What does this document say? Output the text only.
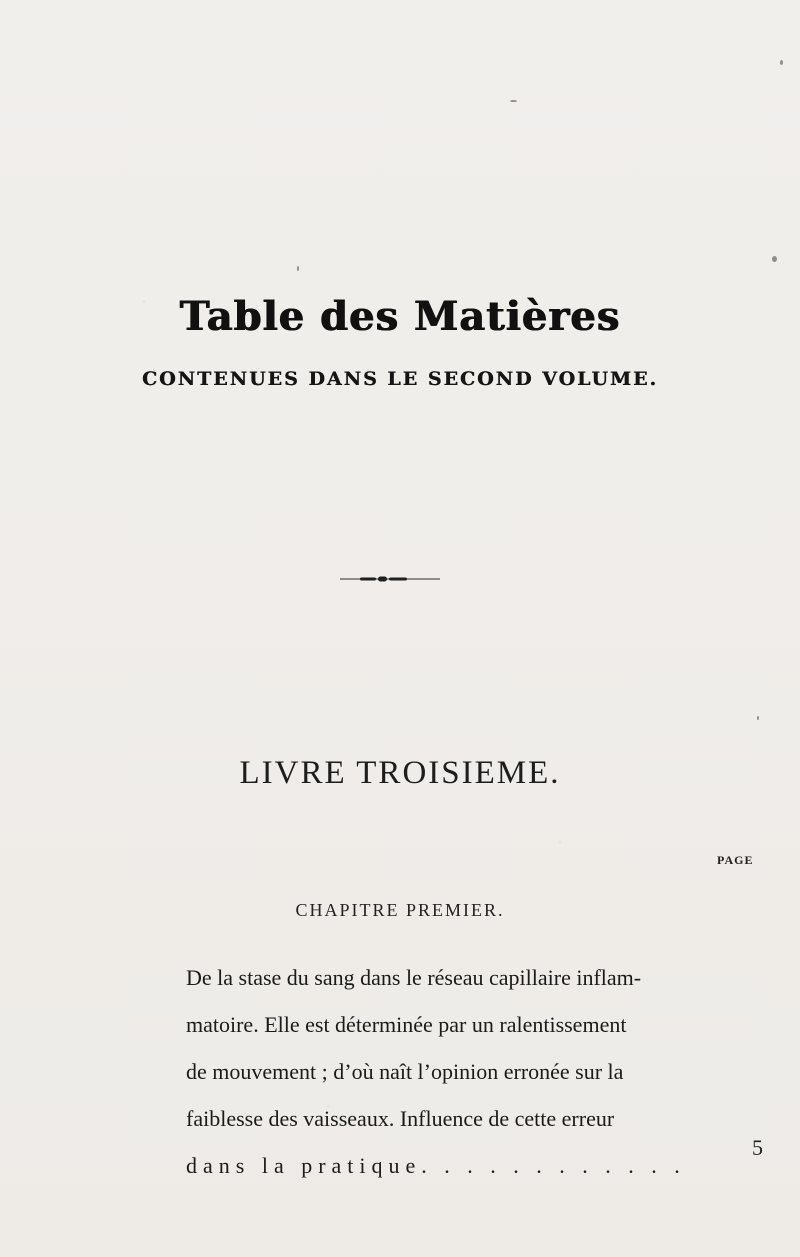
Table des Matières
CONTENUES DANS LE SECOND VOLUME.
LIVRE TROISIEME.
PAGE
CHAPITRE PREMIER.
De la stase du sang dans le réseau capillaire inflam-
matoire. Elle est déterminée par un ralentissement
de mouvement ; d’où naît l’opinion erronée sur la
faiblesse des vaisseaux. Influence de cette erreur
dans la pratique. . . . . . . . . . . .
5
